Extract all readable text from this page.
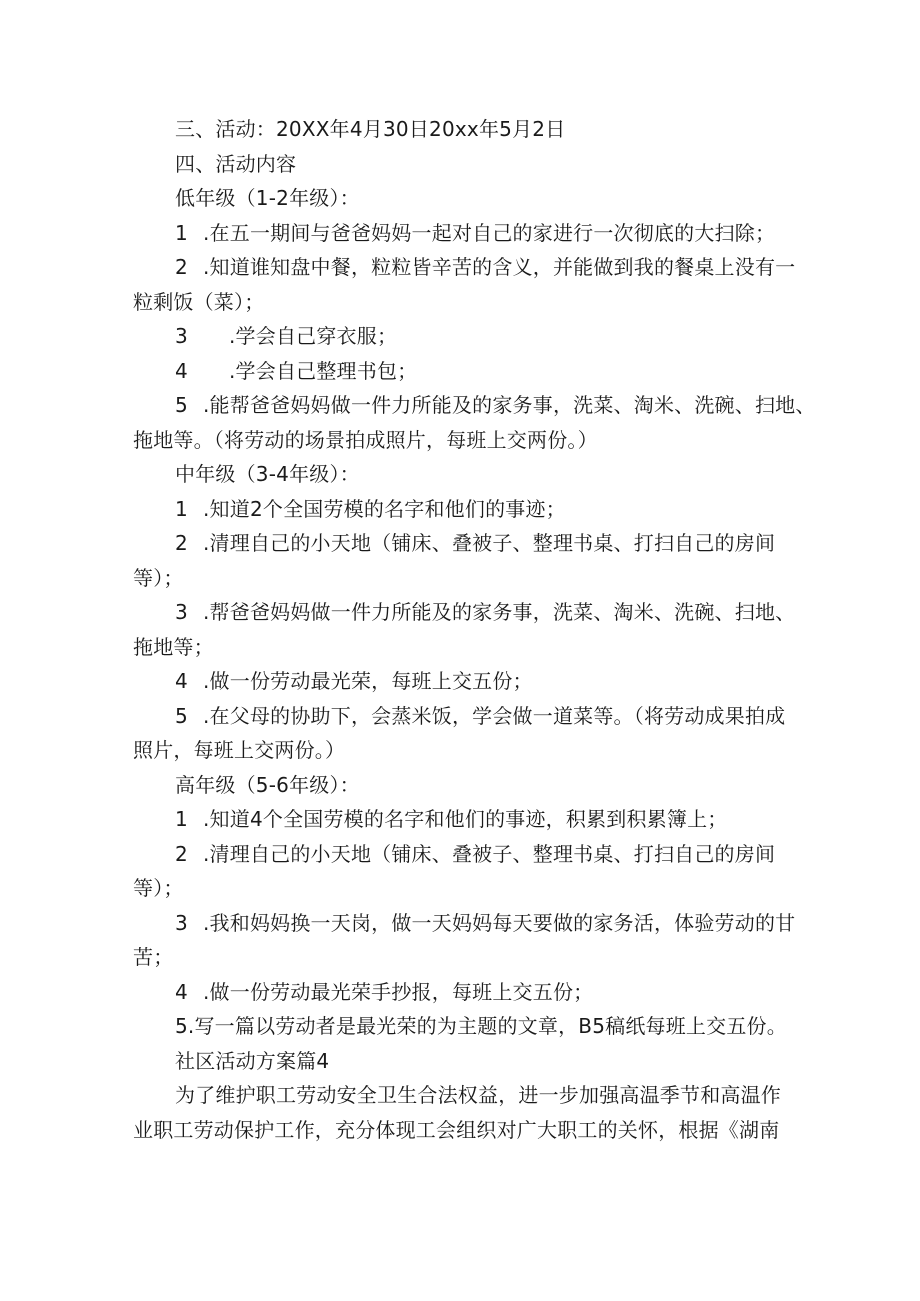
三、活动：20XX年4月30日20xx年5月2日
四、活动内容
低年级（1-2年级）：
1 .在五一期间与爸爸妈妈一起对自己的家进行一次彻底的大扫除；
2 .知道谁知盘中餐，粒粒皆辛苦的含义，并能做到我的餐桌上没有一
粒剩饭（菜）；
3 .学会自己穿衣服；
4 .学会自己整理书包；
5 .能帮爸爸妈妈做一件力所能及的家务事，洗菜、淘米、洗碗、扫地、
拖地等。（将劳动的场景拍成照片，每班上交两份。）
中年级（3-4年级）：
1 .知道2个全国劳模的名字和他们的事迹；
2 .清理自己的小天地（铺床、叠被子、整理书桌、打扫自己的房间
等）；
3 .帮爸爸妈妈做一件力所能及的家务事，洗菜、淘米、洗碗、扫地、
拖地等；
4 .做一份劳动最光荣，每班上交五份；
5 .在父母的协助下，会蒸米饭，学会做一道菜等。（将劳动成果拍成
照片，每班上交两份。）
高年级（5-6年级）：
1 .知道4个全国劳模的名字和他们的事迹，积累到积累簿上；
2 .清理自己的小天地（铺床、叠被子、整理书桌、打扫自己的房间
等）；
3 .我和妈妈换一天岗，做一天妈妈每天要做的家务活，体验劳动的甘
苦；
4 .做一份劳动最光荣手抄报，每班上交五份；
5.写一篇以劳动者是最光荣的为主题的文章，B5稿纸每班上交五份。
社区活动方案篇4
为了维护职工劳动安全卫生合法权益，进一步加强高温季节和高温作
业职工劳动保护工作，充分体现工会组织对广大职工的关怀，根据《湖南
